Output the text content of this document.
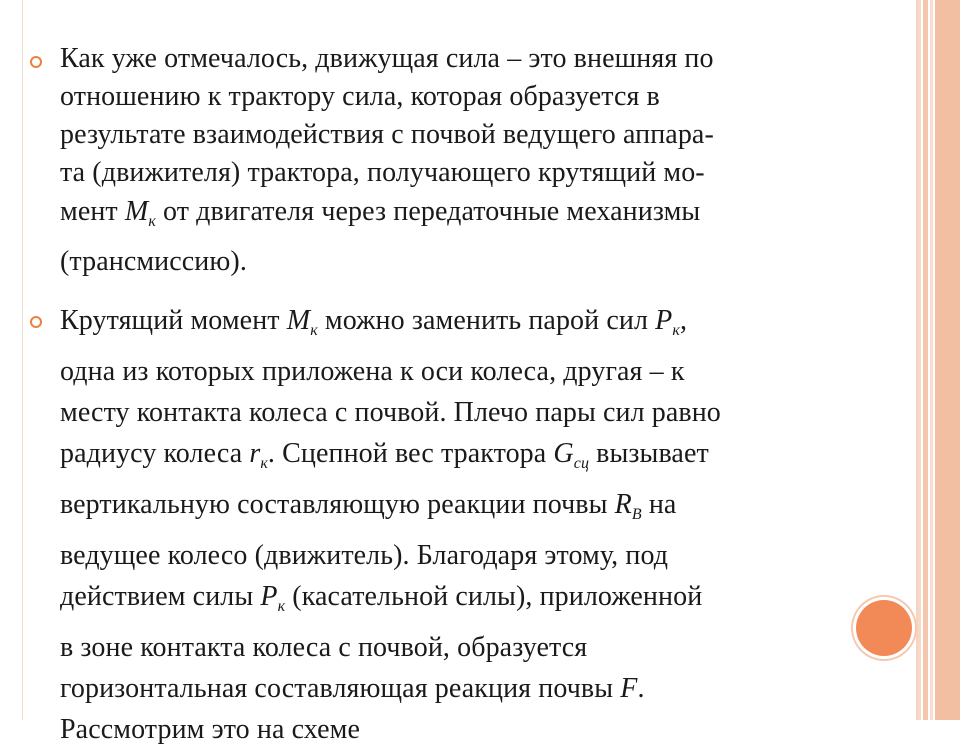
Как уже отмечалось, движущая сила – это внешняя по
отношению к трактору сила, которая образуется в
результате взаимодействия с почвой ведущего аппара-
та (движителя) трактора, получающего крутящий мо-
мент $M_к$ от двигателя через передаточные механизмы
(трансмиссию).
Крутящий момент $M_к$ можно заменить парой сил $P_к$,
одна из которых приложена к оси колеса, другая – к
месту контакта колеса с почвой. Плечо пары сил равно
радиусу колеса $r_к$. Сцепной вес трактора $G_{сц}$ вызывает
вертикальную составляющую реакции почвы $R_B$ на
ведущее колесо (движитель). Благодаря этому, под
действием силы $P_к$ (касательной силы), приложенной
в зоне контакта колеса с почвой, образуется
горизонтальная составляющая реакция почвы F.
Рассмотрим это на схеме
